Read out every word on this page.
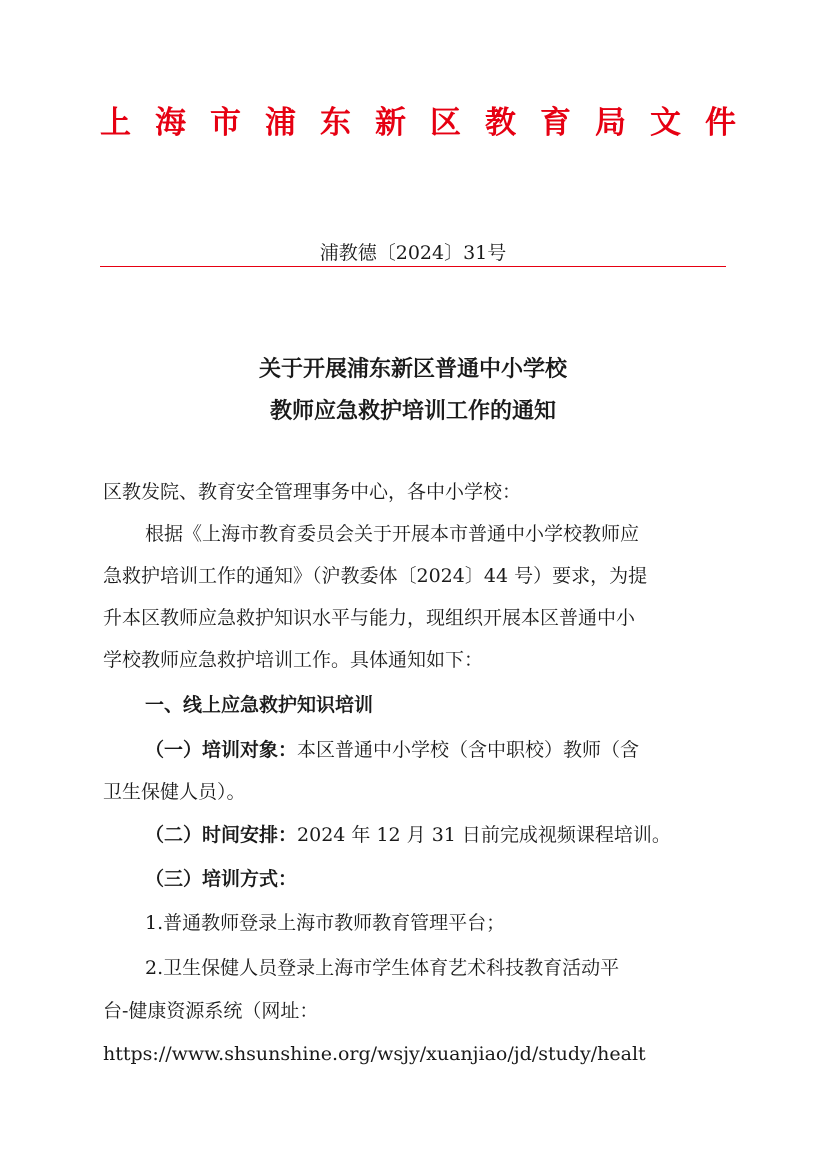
上海市浦东新区教育局文件
浦教德〔2024〕31号
关于开展浦东新区普通中小学校
教师应急救护培训工作的通知
区教发院、教育安全管理事务中心，各中小学校：
根据《上海市教育委员会关于开展本市普通中小学校教师应
急救护培训工作的通知》（沪教委体〔2024〕44 号）要求，为提
升本区教师应急救护知识水平与能力，现组织开展本区普通中小
学校教师应急救护培训工作。具体通知如下：
一、线上应急救护知识培训
（一）培训对象：本区普通中小学校（含中职校）教师（含
卫生保健人员）。
（二）时间安排：2024 年 12 月 31 日前完成视频课程培训。
（三）培训方式：
1.普通教师登录上海市教师教育管理平台；
2.卫生保健人员登录上海市学生体育艺术科技教育活动平
台-健康资源系统（网址：
https://www.shsunshine.org/wsjy/xuanjiao/jd/study/healt
